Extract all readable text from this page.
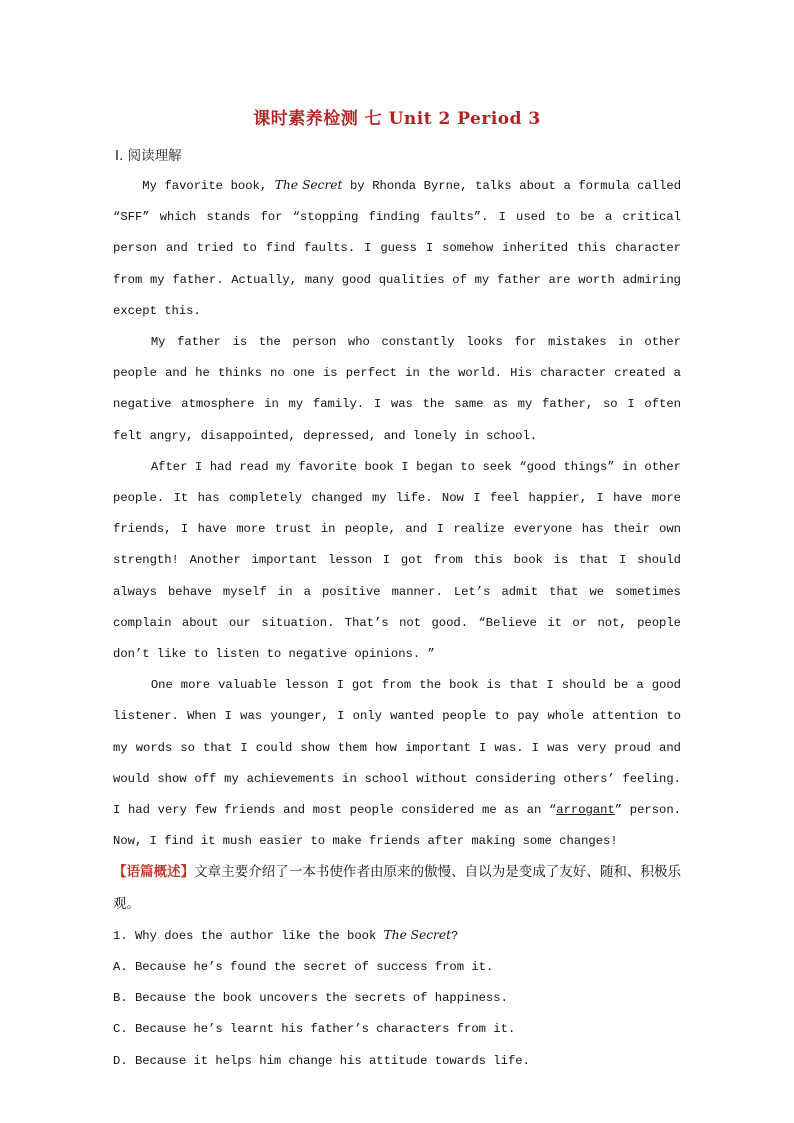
课时素养检测 七 Unit 2 Period 3
Ⅰ. 阅读理解

My favorite book, The Secret by Rhonda Byrne, talks about a formula called “SFF” which stands for “stopping finding faults”. I used to be a critical person and tried to find faults. I guess I somehow inherited this character from my father. Actually, many good qualities of my father are worth admiring except this.

My father is the person who constantly looks for mistakes in other people and he thinks no one is perfect in the world. His character created a negative atmosphere in my family. I was the same as my father, so I often felt angry, disappointed, depressed, and lonely in school.

After I had read my favorite book I began to seek “good things” in other people. It has completely changed my life. Now I feel happier, I have more friends, I have more trust in people, and I realize everyone has their own strength! Another important lesson I got from this book is that I should always behave myself in a positive manner. Let’s admit that we sometimes complain about our situation. That’s not good. “Believe it or not, people don’t like to listen to negative opinions. ”

One more valuable lesson I got from the book is that I should be a good listener. When I was younger, I only wanted people to pay whole attention to my words so that I could show them how important I was. I was very proud and would show off my achievements in school without considering others’ feeling. I had very few friends and most people considered me as an “arrogant” person. Now, I find it mush easier to make friends after making some changes!

【语篇概述】文章主要介绍了一本书使作者由原来的傲慢、自以为是变成了友好、随和、积极乐观。

1. Why does the author like the book The Secret?

A. Because he’s found the secret of success from it.

B. Because the book uncovers the secrets of happiness.

C. Because he’s learnt his father’s characters from it.

D. Because it helps him change his attitude towards life.
